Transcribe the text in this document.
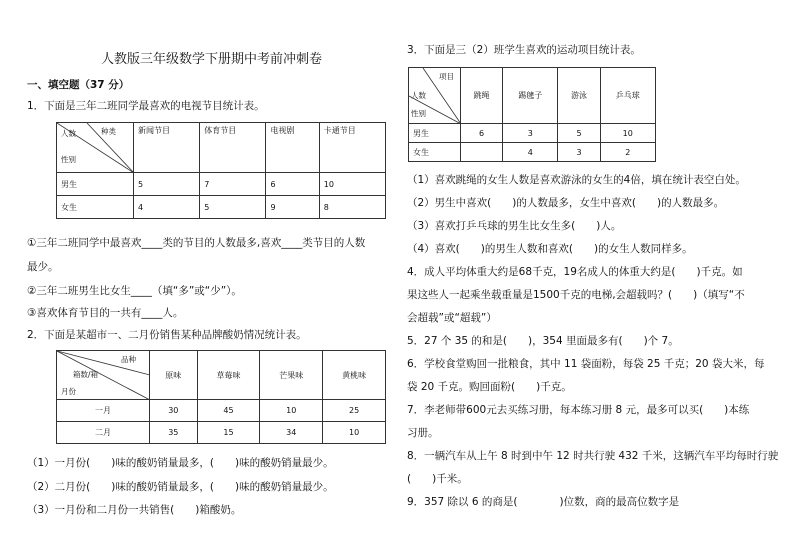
人教版三年级数学下册期中考前冲刺卷
一、填空题（37 分）
1．下面是三年二班同学最喜欢的电视节目统计表。
种类
人数
性别	新闻节目	体育节目	电视剧	卡通节目
男生	5	7	6	10
女生	4	5	9	8
①三年二班同学中最喜欢____类的节目的人数最多,喜欢____类节目的人数
最少。
②三年二班男生比女生____（填“多”或“少”）。
③喜欢体育节目的一共有____人。
2．下面是某超市一、二月份销售某种品牌酸奶情况统计表。
品种
箱数/箱
月份	原味	草莓味	芒果味	黄桃味
一月	30	45	10	25
二月	35	15	34	10
（1）一月份(　　)味的酸奶销量最多，(　　)味的酸奶销量最少。
（2）二月份(　　)味的酸奶销量最多，(　　)味的酸奶销量最少。
（3）一月份和二月份一共销售(　　)箱酸奶。
3．下面是三（2）班学生喜欢的运动项目统计表。
项目
人数
性别	跳绳	踢毽子	游泳	乒乓球
男生	6	3	5	10
女生		4	3	2
（1）喜欢跳绳的女生人数是喜欢游泳的女生的4倍，填在统计表空白处。
（2）男生中喜欢(　　)的人数最多，女生中喜欢(　　)的人数最多。
（3）喜欢打乒乓球的男生比女生多(　　)人。
（4）喜欢(　　)的男生人数和喜欢(　　)的女生人数同样多。
4．成人平均体重大约是68千克，19名成人的体重大约是(　　)千克。如
果这些人一起乘坐载重量是1500千克的电梯,会超载吗？(　　)（填写“不
会超载”或“超载”）
5．27 个 35 的和是(　　)，354 里面最多有(　　)个 7。
6．学校食堂购回一批粮食，其中 11 袋面粉，每袋 25 千克；20 袋大米，每
袋 20 千克。购回面粉(　　)千克。
7．李老师带600元去买练习册，每本练习册 8 元，最多可以买(　　)本练
习册。
8．一辆汽车从上午 8 时到中午 12 时共行驶 432 千米，这辆汽车平均每时行驶
(　　)千米。
9．357 除以 6 的商是(　　　　)位数，商的最高位数字是
